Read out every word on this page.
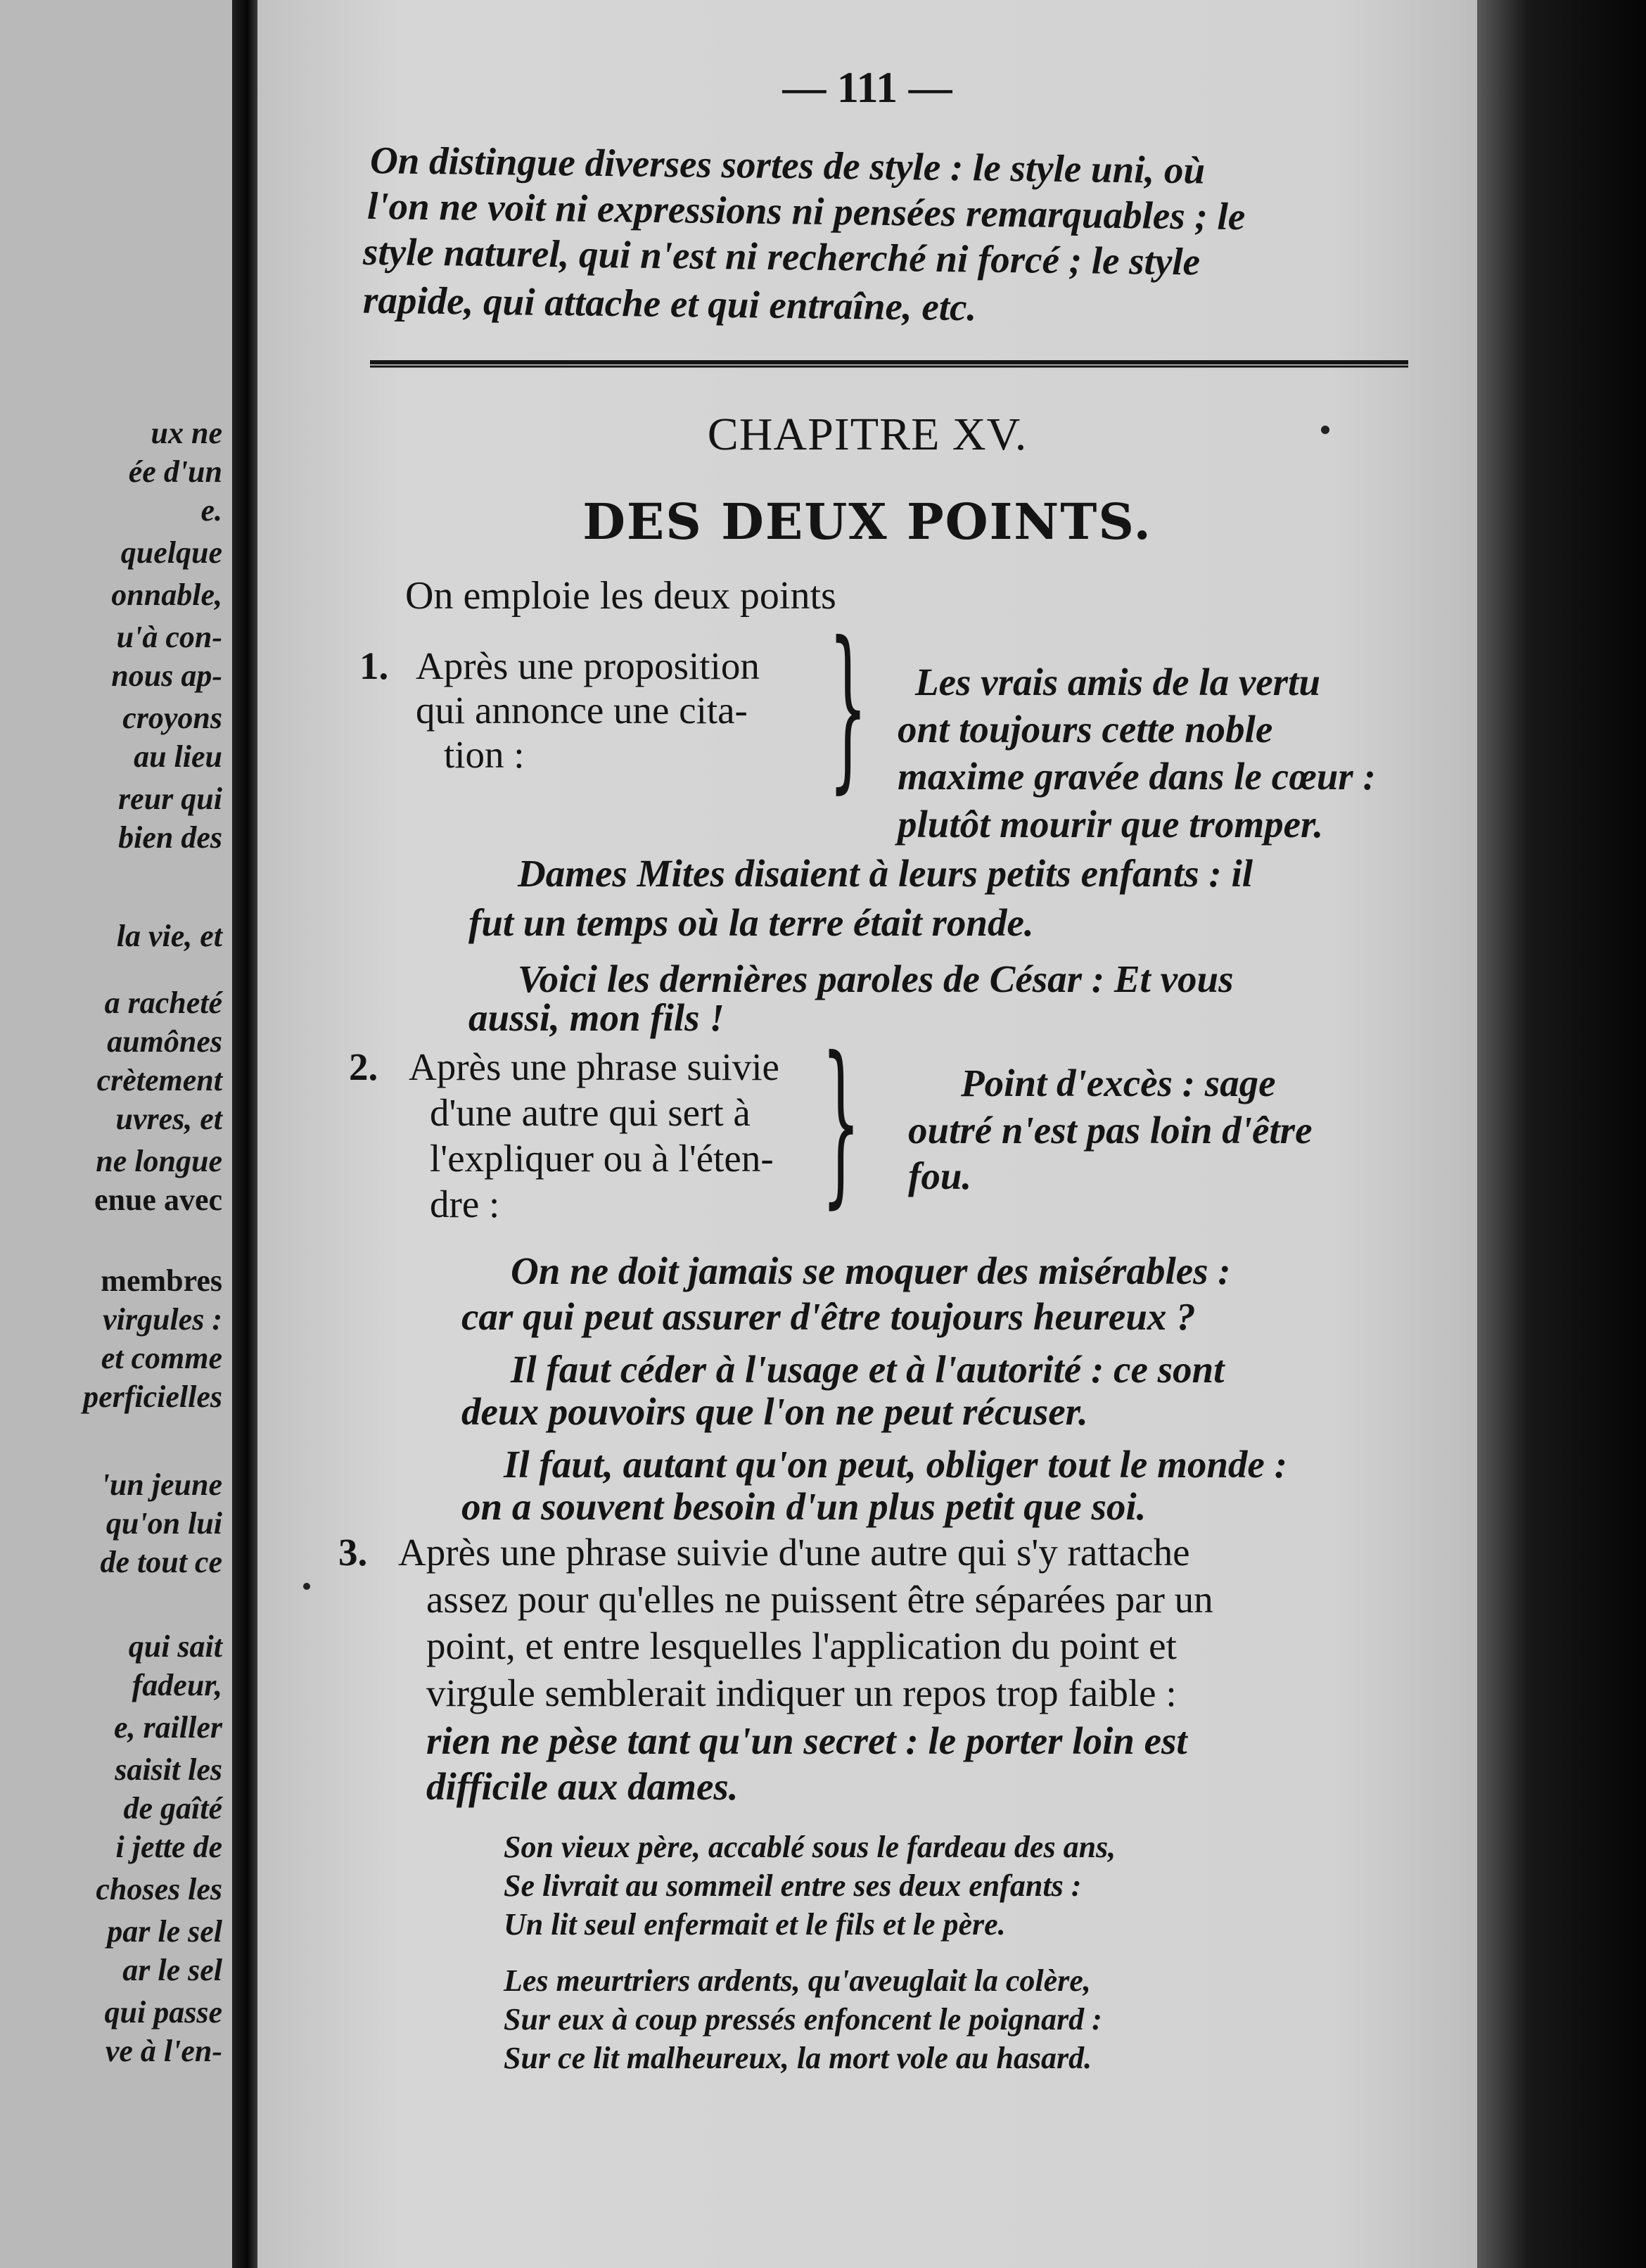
ux ne
ée d'un
e.
quelque
onnable,
u'à con-
nous ap-
croyons
au lieu
reur qui
bien des
la vie, et
a racheté
aumônes
crètement
uvres, et
ne longue
enue avec
membres
virgules :
et comme
perficielles
'un jeune
qu'on lui
de tout ce
qui sait
fadeur,
e, railler
saisit les
de gaîté
i jette de
choses les
par le sel
ar le sel
qui passe
ve à l'en-
— 111 —
On distingue diverses sortes de style : le style uni, où
l'on ne voit ni expressions ni pensées remarquables ; le
style naturel, qui n'est ni recherché ni forcé ; le style
rapide, qui attache et qui entraîne, etc.
CHAPITRE XV.
DES DEUX POINTS.
On emploie les deux points
1. Après une proposition
qui annonce une cita-
tion : } Les vrais amis de la vertu
ont toujours cette noble
maxime gravée dans le cœur :
plutôt mourir que tromper.
Dames Mites disaient à leurs petits enfants : il
fut un temps où la terre était ronde.
Voici les dernières paroles de César : Et vous
aussi, mon fils !
2. Après une phrase suivie
d'une autre qui sert à
l'expliquer ou à l'éten-
dre : }	Point d'excès : sage
outré n'est pas loin d'être
fou.
On ne doit jamais se moquer des misérables :
car qui peut assurer d'être toujours heureux ?
Il faut céder à l'usage et à l'autorité : ce sont
deux pouvoirs que l'on ne peut récuser.
Il faut, autant qu'on peut, obliger tout le monde :
on a souvent besoin d'un plus petit que soi.
3. Après une phrase suivie d'une autre qui s'y rattache
assez pour qu'elles ne puissent être séparées par un
point, et entre lesquelles l'application du point et
virgule semblerait indiquer un repos trop faible :
rien ne pèse tant qu'un secret : le porter loin est
difficile aux dames.
Son vieux père, accablé sous le fardeau des ans,
Se livrait au sommeil entre ses deux enfants :
Un lit seul enfermait et le fils et le père.
Les meurtriers ardents, qu'aveuglait la colère,
Sur eux à coup pressés enfoncent le poignard :
Sur ce lit malheureux, la mort vole au hasard.
